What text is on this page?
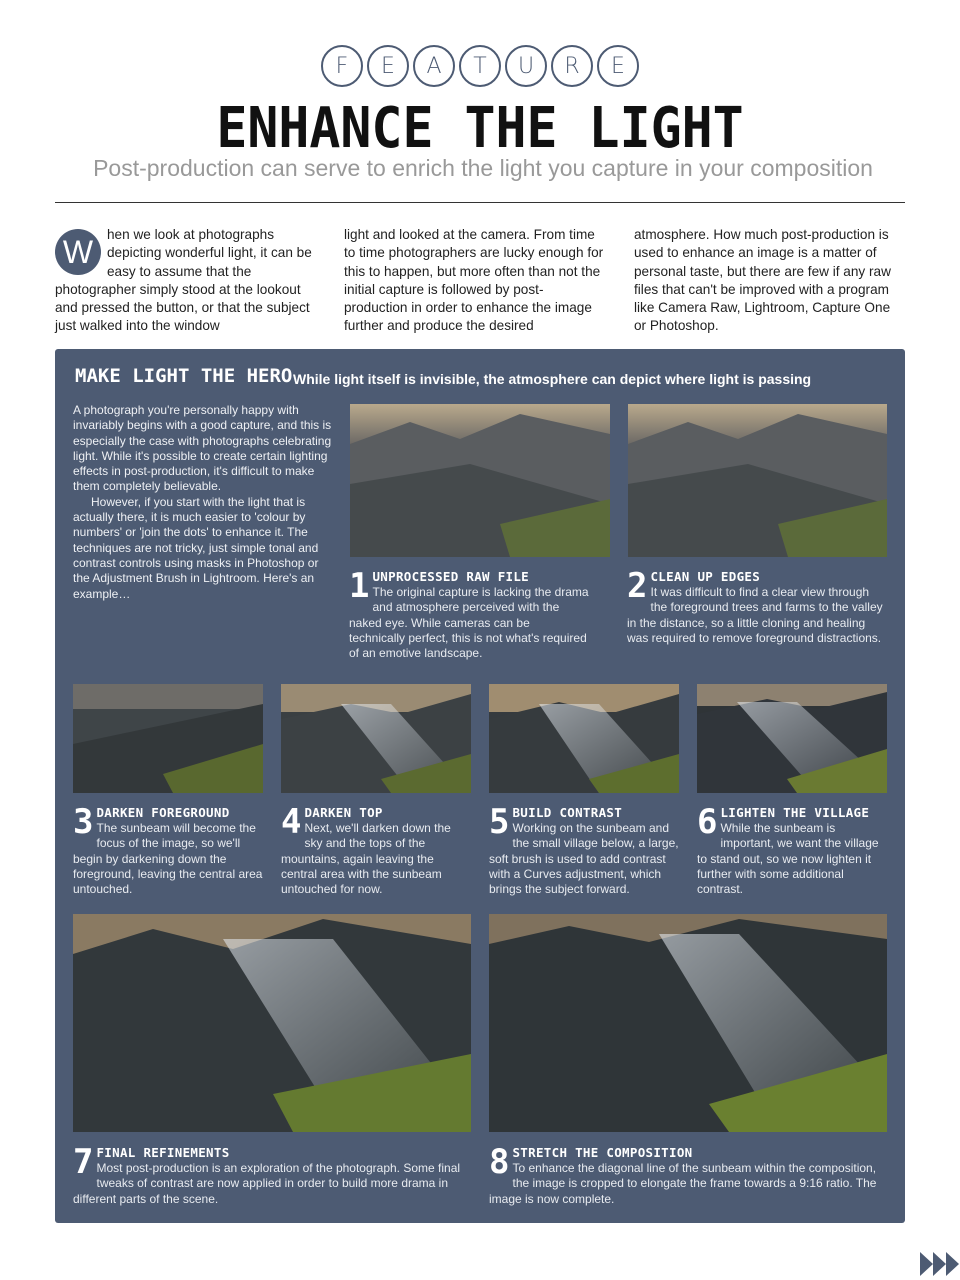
F	E	A	T	U	R	E
ENHANCE THE LIGHT
Post-production can serve to enrich the light you capture in your composition
W	hen we look at photographs depicting wonderful light, it can be easy to assume that the photographer simply stood at the lookout and pressed the button, or that the subject just walked into the window
light and looked at the camera. From time to time photographers are lucky enough for this to happen, but more often than not the initial capture is followed by post-production in order to enhance the image further and produce the desired
atmosphere. How much post-production is used to enhance an image is a matter of personal taste, but there are few if any raw files that can't be improved with a program like Camera Raw, Lightroom, Capture One or Photoshop.
MAKE LIGHT THE HERO While light itself is invisible, the atmosphere can depict where light is passing

A photograph you're personally happy with invariably begins with a good capture, and this is especially the case with photographs celebrating light. While it's possible to create certain lighting effects in post-production, it's difficult to make them completely believable.

However, if you start with the light that is actually there, it is much easier to 'colour by numbers' or 'join the dots' to enhance it. The techniques are not tricky, just simple tonal and contrast controls using masks in Photoshop or the Adjustment Brush in Lightroom. Here's an example…	1 UNPROCESSED RAW FILE
The original capture is lacking the drama and atmosphere perceived with the naked eye. While cameras can be technically perfect, this is not what's required of an emotive landscape.
2 CLEAN UP EDGES
It was difficult to find a clear view through the foreground trees and farms to the valley in the distance, so a little cloning and healing was required to remove foreground distractions.
3 DARKEN FOREGROUND
The sunbeam will become the focus of the image, so we'll begin by darkening down the foreground, leaving the central area untouched.
4 DARKEN TOP
Next, we'll darken down the sky and the tops of the mountains, again leaving the central area with the sunbeam untouched for now.
5 BUILD CONTRAST
Working on the sunbeam and the small village below, a large, soft brush is used to add contrast with a Curves adjustment, which brings the subject forward.
6 LIGHTEN THE VILLAGE
While the sunbeam is important, we want the village to stand out, so we now lighten it further with some additional contrast.
7 FINAL REFINEMENTS
Most post-production is an exploration of the photograph. Some final tweaks of contrast are now applied in order to build more drama in different parts of the scene.
8 STRETCH THE COMPOSITION
To enhance the diagonal line of the sunbeam within the composition, the image is cropped to elongate the frame towards a 9:16 ratio. The image is now complete.
